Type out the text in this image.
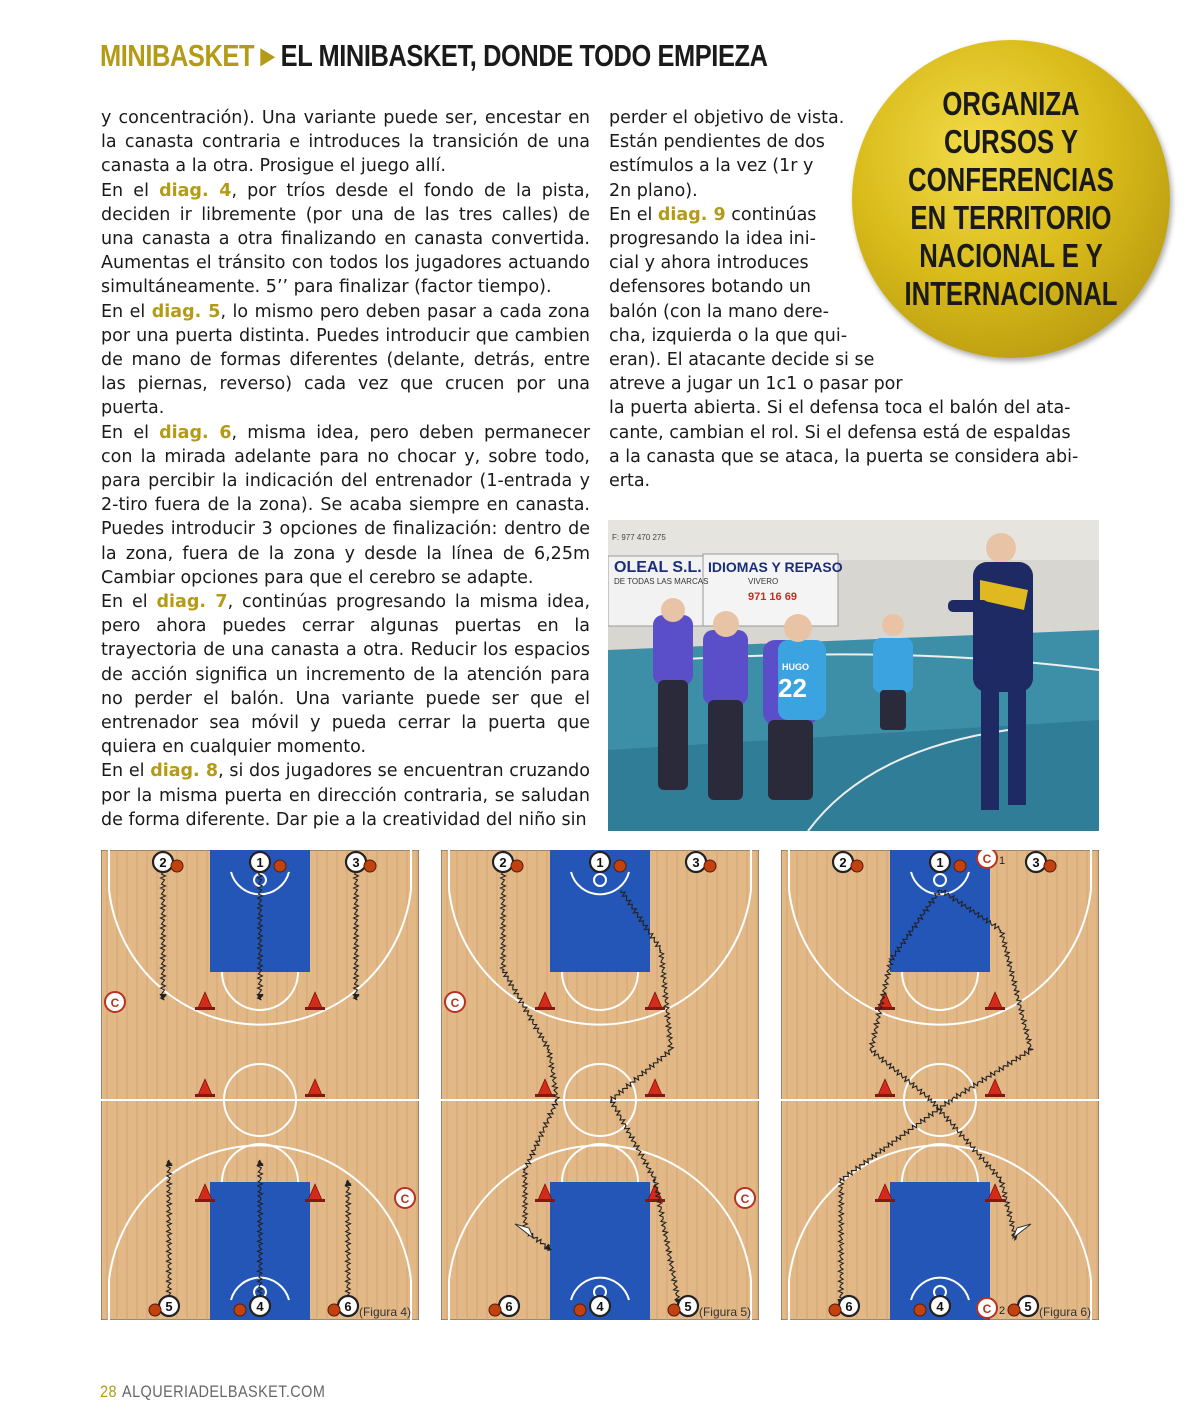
MINIBASKET ▶ EL MINIBASKET, DONDE TODO EMPIEZA

y concentración). Una variante puede ser, encestar en la canasta contraria e introduces la transición de una canasta a la otra. Prosigue el juego allí.

En el diag. 4, por tríos desde el fondo de la pista, deciden ir libremente (por una de las tres calles) de una canasta a otra finalizando en canasta convertida. Aumentas el tránsito con todos los jugadores actuando simultáneamente. 5’’ para finalizar (factor tiempo).

En el diag. 5, lo mismo pero deben pasar a cada zona por una puerta distinta. Puedes introducir que cambien de mano de formas diferentes (delante, detrás, entre las piernas, reverso) cada vez que crucen por una puerta.

En el diag. 6, misma idea, pero deben permanecer con la mirada adelante para no chocar y, sobre todo, para percibir la indicación del entrenador (1-entrada y 2-tiro fuera de la zona). Se acaba siempre en canasta. Puedes introducir 3 opciones de finalización: dentro de la zona, fuera de la zona y desde la línea de 6,25m Cambiar opciones para que el cerebro se adapte.

En el diag. 7, continúas progresando la misma idea, pero ahora puedes cerrar algunas puertas en la trayectoria de una canasta a otra. Reducir los espacios de acción significa un incremento de la atención para no perder el balón. Una variante puede ser que el entrenador sea móvil y pueda cerrar la puerta que quiera en cualquier momento.

En el diag. 8, si dos jugadores se encuentran cruzando por la misma puerta en dirección contraria, se saludan de forma diferente. Dar pie a la creatividad del niño sin

perder el objetivo de vista.
Están pendientes de dos
estímulos a la vez (1r y
2n plano).
En el diag. 9 continúas
progresando la idea ini-
cial y ahora introduces
defensores botando un
balón (con la mano dere-
cha, izquierda o la que qui-
eran). El atacante decide si se
atreve a jugar un 1c1 o pasar por
la puerta abierta. Si el defensa toca el balón del ata-
cante, cambian el rol. Si el defensa está de espaldas
a la canasta que se ataca, la puerta se considera abi-
erta.
ORGANIZA CURSOS Y CONFERENCIAS EN TERRITORIO NACIONAL E Y INTERNACIONAL
OLEAL S.L.
DE TODAS LAS MARCAS
IDIOMAS Y REPASO
VIVERO
971 16 69
F: 977 470 275
HUGO
22
2	1	3
5	4	6
C
C
(Figura 4)
2	1	3
6	4	5
C
C
(Figura 5)
2	1	3
6	4	5
C 1
C 2	(Figura 6)
28 ALQUERIADELBASKET.COM
